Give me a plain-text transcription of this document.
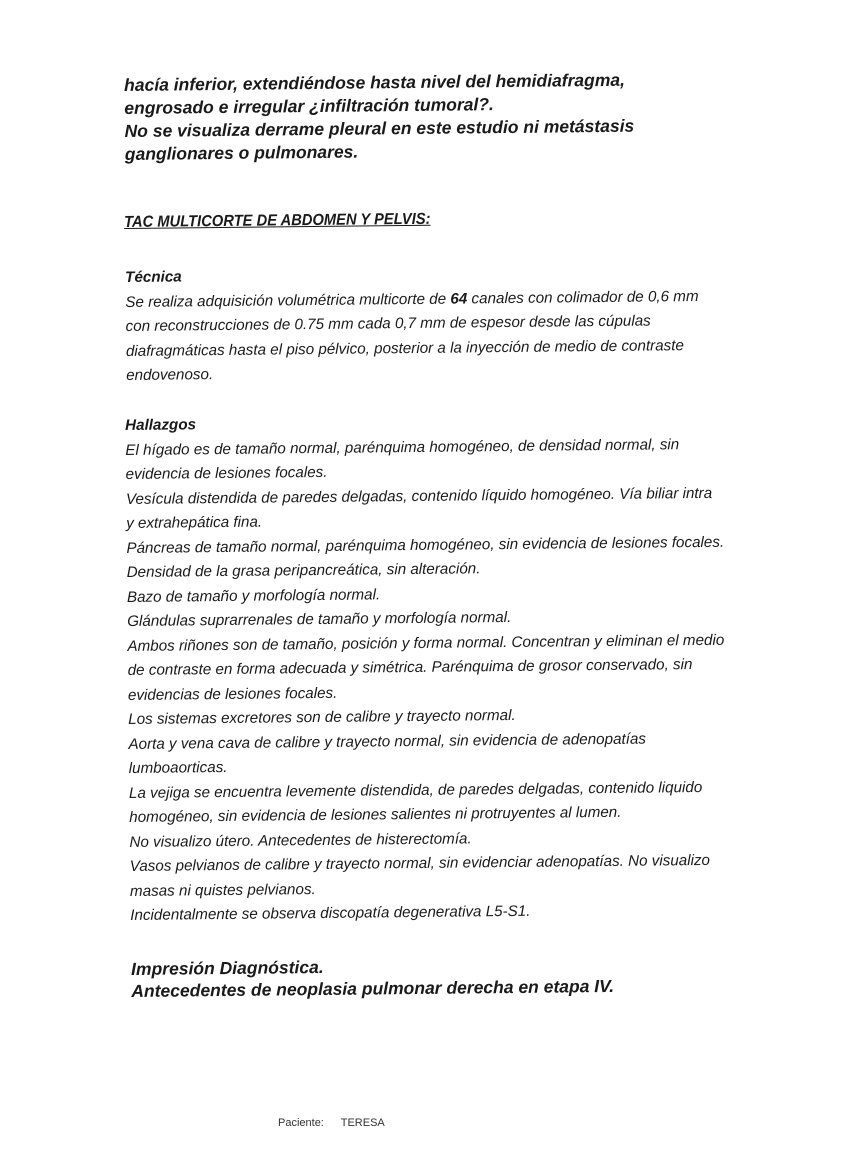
hacía inferior, extendiéndose hasta nivel del hemidiafragma,

engrosado e irregular ¿infiltración tumoral?.

No se visualiza derrame pleural en este estudio ni metástasis

ganglionares o pulmonares.

TAC MULTICORTE DE ABDOMEN Y PELVIS:

Técnica

Se realiza adquisición volumétrica multicorte de 64 canales con colimador de 0,6 mm

con reconstrucciones de 0.75 mm cada 0,7 mm de espesor desde las cúpulas

diafragmáticas hasta el piso pélvico, posterior a la inyección de medio de contraste

endovenoso.

Hallazgos

El hígado es de tamaño normal, parénquima homogéneo, de densidad normal, sin

evidencia de lesiones focales.

Vesícula distendida de paredes delgadas, contenido líquido homogéneo. Vía biliar intra

y extrahepática fina.

Páncreas de tamaño normal, parénquima homogéneo, sin evidencia de lesiones focales.

Densidad de la grasa peripancreática, sin alteración.

Bazo de tamaño y morfología normal.

Glándulas suprarrenales de tamaño y morfología normal.

Ambos riñones son de tamaño, posición y forma normal. Concentran y eliminan el medio

de contraste en forma adecuada y simétrica. Parénquima de grosor conservado, sin

evidencias de lesiones focales.

Los sistemas excretores son de calibre y trayecto normal.

Aorta y vena cava de calibre y trayecto normal, sin evidencia de adenopatías

lumboaorticas.

La vejiga se encuentra levemente distendida, de paredes delgadas, contenido liquido

homogéneo, sin evidencia de lesiones salientes ni protruyentes al lumen.

No visualizo útero. Antecedentes de histerectomía.

Vasos pelvianos de calibre y trayecto normal, sin evidenciar adenopatías. No visualizo

masas ni quistes pelvianos.

Incidentalmente se observa discopatía degenerativa L5-S1.

Impresión Diagnóstica.

Antecedentes de neoplasia pulmonar derecha en etapa IV.

Paciente: TERESA
